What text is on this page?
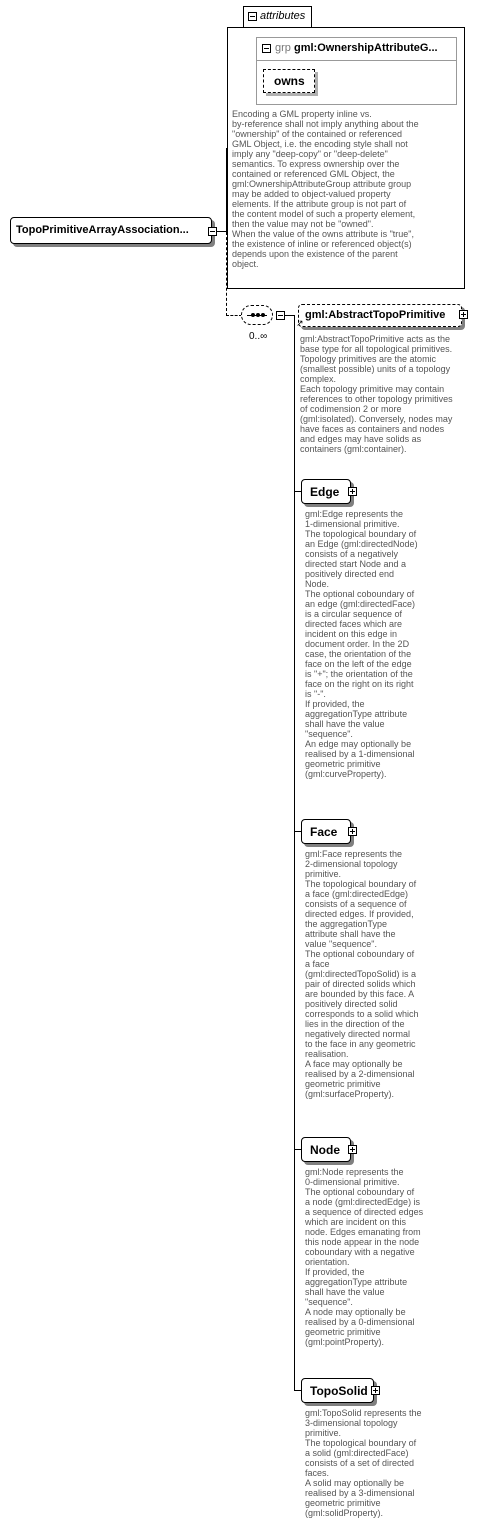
attributes
grp gml:OwnershipAttributeG...
owns
Encoding a GML property inline vs.
by-reference shall not imply anything about the
"ownership" of the contained or referenced
GML Object, i.e. the encoding style shall not
imply any "deep-copy" or "deep-delete"
semantics. To express ownership over the
contained or referenced GML Object, the
gml:OwnershipAttributeGroup attribute group
may be added to object-valued property
elements. If the attribute group is not part of
the content model of such a property element,
then the value may not be "owned".
When the value of the owns attribute is "true",
the existence of inline or referenced object(s)
depends upon the existence of the parent
object.
TopoPrimitiveArrayAssociation...
0..∞
gml:AbstractTopoPrimitive
↗
gml:AbstractTopoPrimitive acts as the
base type for all topological primitives.
Topology primitives are the atomic
(smallest possible) units of a topology
complex.
Each topology primitive may contain
references to other topology primitives
of codimension 2 or more
(gml:isolated). Conversely, nodes may
have faces as containers and nodes
and edges may have solids as
containers (gml:container).
Edge
gml:Edge represents the
1-dimensional primitive.
The topological boundary of
an Edge (gml:directedNode)
consists of a negatively
directed start Node and a
positively directed end
Node.
The optional coboundary of
an edge (gml:directedFace)
is a circular sequence of
directed faces which are
incident on this edge in
document order. In the 2D
case, the orientation of the
face on the left of the edge
is "+"; the orientation of the
face on the right on its right
is "-".
If provided, the
aggregationType attribute
shall have the value
"sequence".
An edge may optionally be
realised by a 1-dimensional
geometric primitive
(gml:curveProperty).
Face
gml:Face represents the
2-dimensional topology
primitive.
The topological boundary of
a face (gml:directedEdge)
consists of a sequence of
directed edges. If provided,
the aggregationType
attribute shall have the
value "sequence".
The optional coboundary of
a face
(gml:directedTopoSolid) is a
pair of directed solids which
are bounded by this face. A
positively directed solid
corresponds to a solid which
lies in the direction of the
negatively directed normal
to the face in any geometric
realisation.
A face may optionally be
realised by a 2-dimensional
geometric primitive
(gml:surfaceProperty).
Node
gml:Node represents the
0-dimensional primitive.
The optional coboundary of
a node (gml:directedEdge) is
a sequence of directed edges
which are incident on this
node. Edges emanating from
this node appear in the node
coboundary with a negative
orientation.
If provided, the
aggregationType attribute
shall have the value
"sequence".
A node may optionally be
realised by a 0-dimensional
geometric primitive
(gml:pointProperty).
TopoSolid
gml:TopoSolid represents the
3-dimensional topology
primitive.
The topological boundary of
a solid (gml:directedFace)
consists of a set of directed
faces.
A solid may optionally be
realised by a 3-dimensional
geometric primitive
(gml:solidProperty).
